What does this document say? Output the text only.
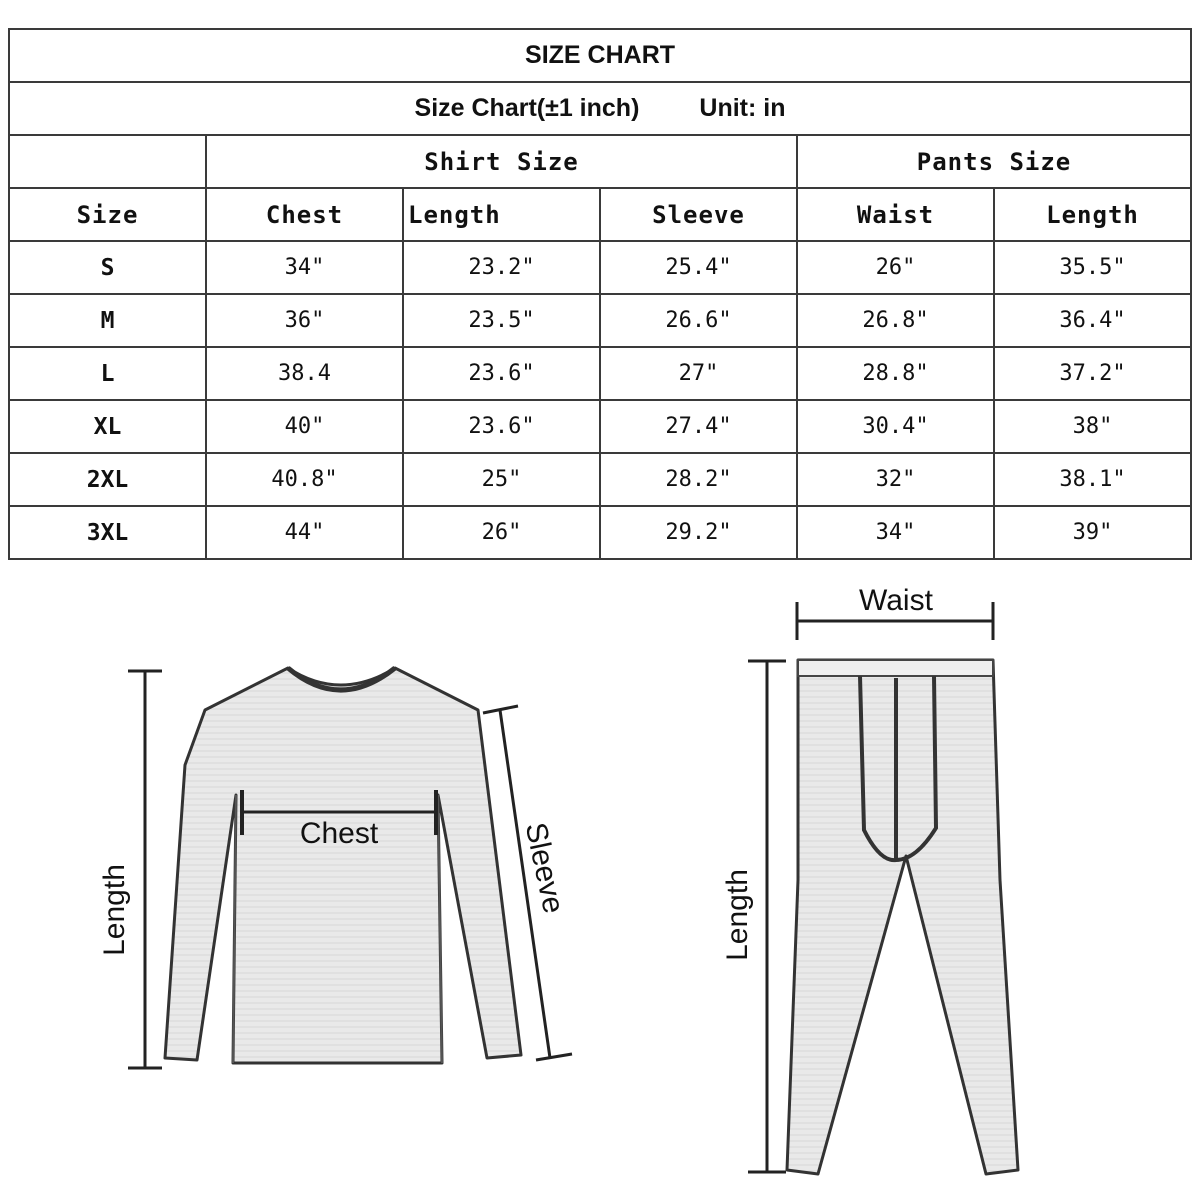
SIZE CHART					
Size Chart(±1 inch) Unit: in					
	Shirt Size			Pants Size	
Size	Chest	Length	Sleeve	Waist	Length
S	34"	23.2"	25.4"	26"	35.5"
M	36"	23.5"	26.6"	26.8"	36.4"
L	38.4	23.6"	27"	28.8"	37.2"
XL	40"	23.6"	27.4"	30.4"	38"
2XL	40.8"	25"	28.2"	32"	38.1"
3XL	44"	26"	29.2"	34"	39"
Length
Chest	Sleeve
Waist
Length
